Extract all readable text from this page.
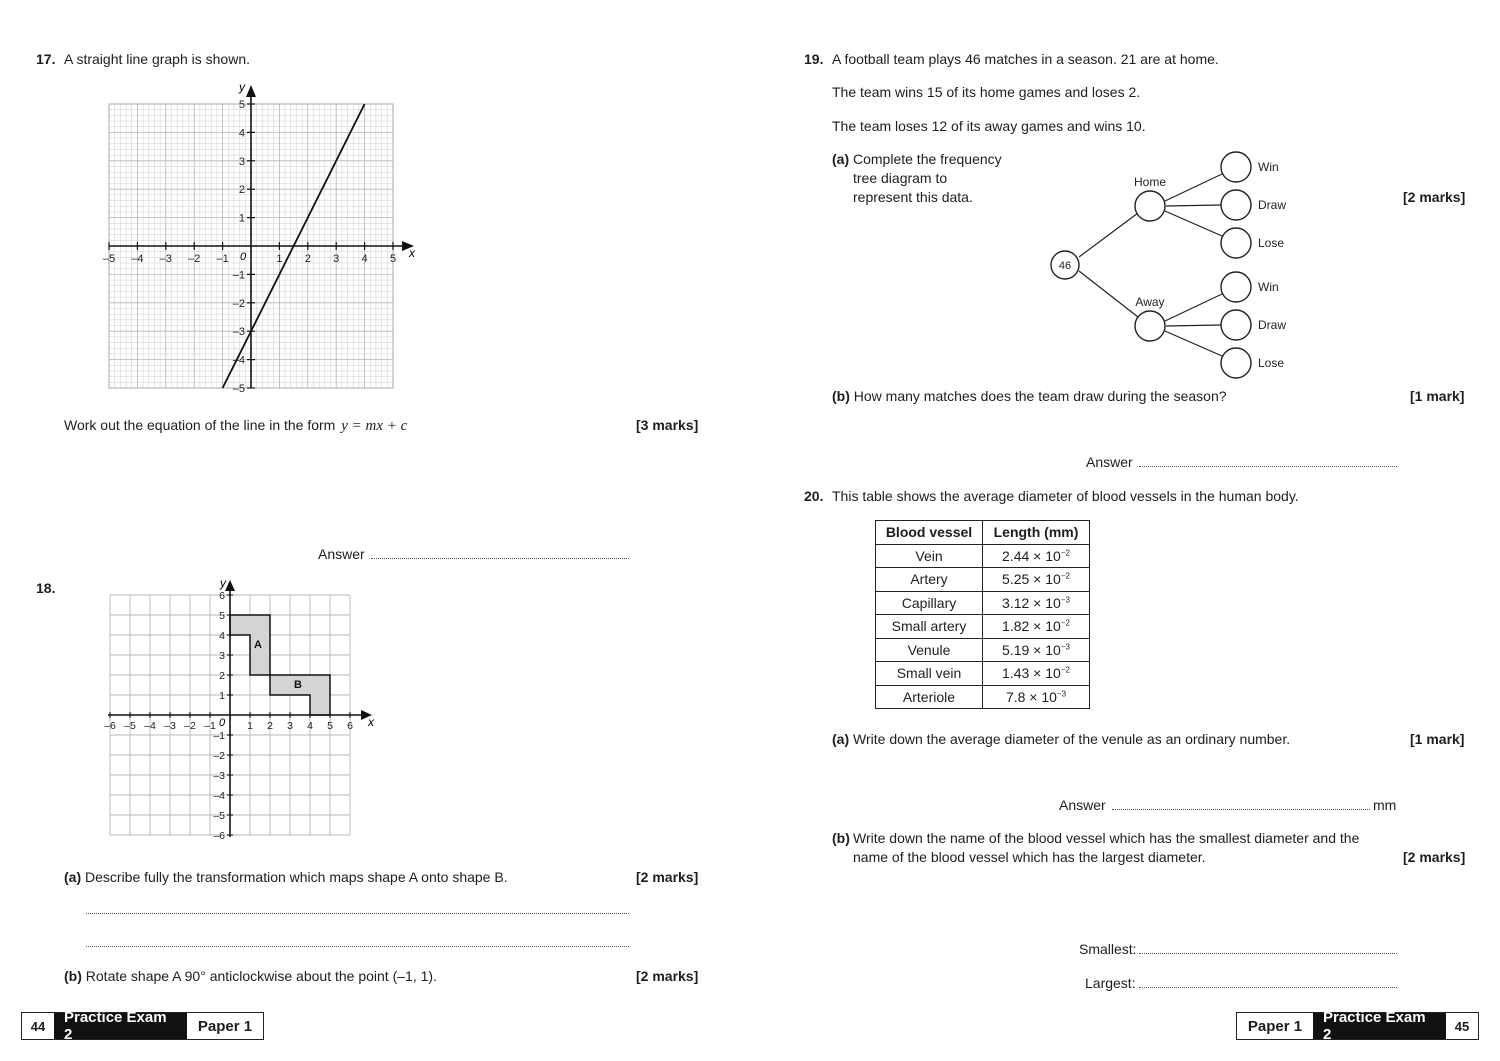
17. A straight line graph is shown.
–5 –4 –3 –2 –1	1 2 3 4 5
5
4
3
2
1
–1
–2
–3
–4
–5
x
y
0
Work out the equation of the line in the form y = mx + c	[3 marks]
Answer
18.
A
B
–6 –5 –4 –3 –2 –1	1 2 3 4 5 6
6
5
4
3
2
1
–1
–2
–3
–4
–5
–6
x
y
0
(a) Describe fully the transformation which maps shape A onto shape B.	[2 marks]
(b) Rotate shape A 90° anticlockwise about the point (–1, 1).	[2 marks]
19. A football team plays 46 matches in a season. 21 are at home.
The team wins 15 of its home games and loses 2.
The team loses 12 of its away games and wins 10.
(a) Complete the frequency
tree diagram to
represent this data.	[2 marks]
46
Home
Away
Win
Draw
Lose
Win
Draw
Lose
(b) How many matches does the team draw during the season?	[1 mark]
Answer
20. This table shows the average diameter of blood vessels in the human body.
Blood vessel	Length (mm)
Vein	$2.44 \times 10^{-2}$
Artery	$5.25 \times 10^{-2}$
Capillary	$3.12 \times 10^{-3}$
Small artery	$1.82 \times 10^{-2}$
Venule	$5.19 \times 10^{-3}$
Small vein	$1.43 \times 10^{-2}$
Arteriole	$7.8 \times 10^{-3}$
(a) Write down the average diameter of the venule as an ordinary number.	[1 mark]
Answer	mm
(b) Write down the name of the blood vessel which has the smallest diameter and the
name of the blood vessel which has the largest diameter.	[2 marks]
Smallest:
Largest:
44	Practice Exam 2	Paper 1	Paper 1	Practice Exam 2	45
